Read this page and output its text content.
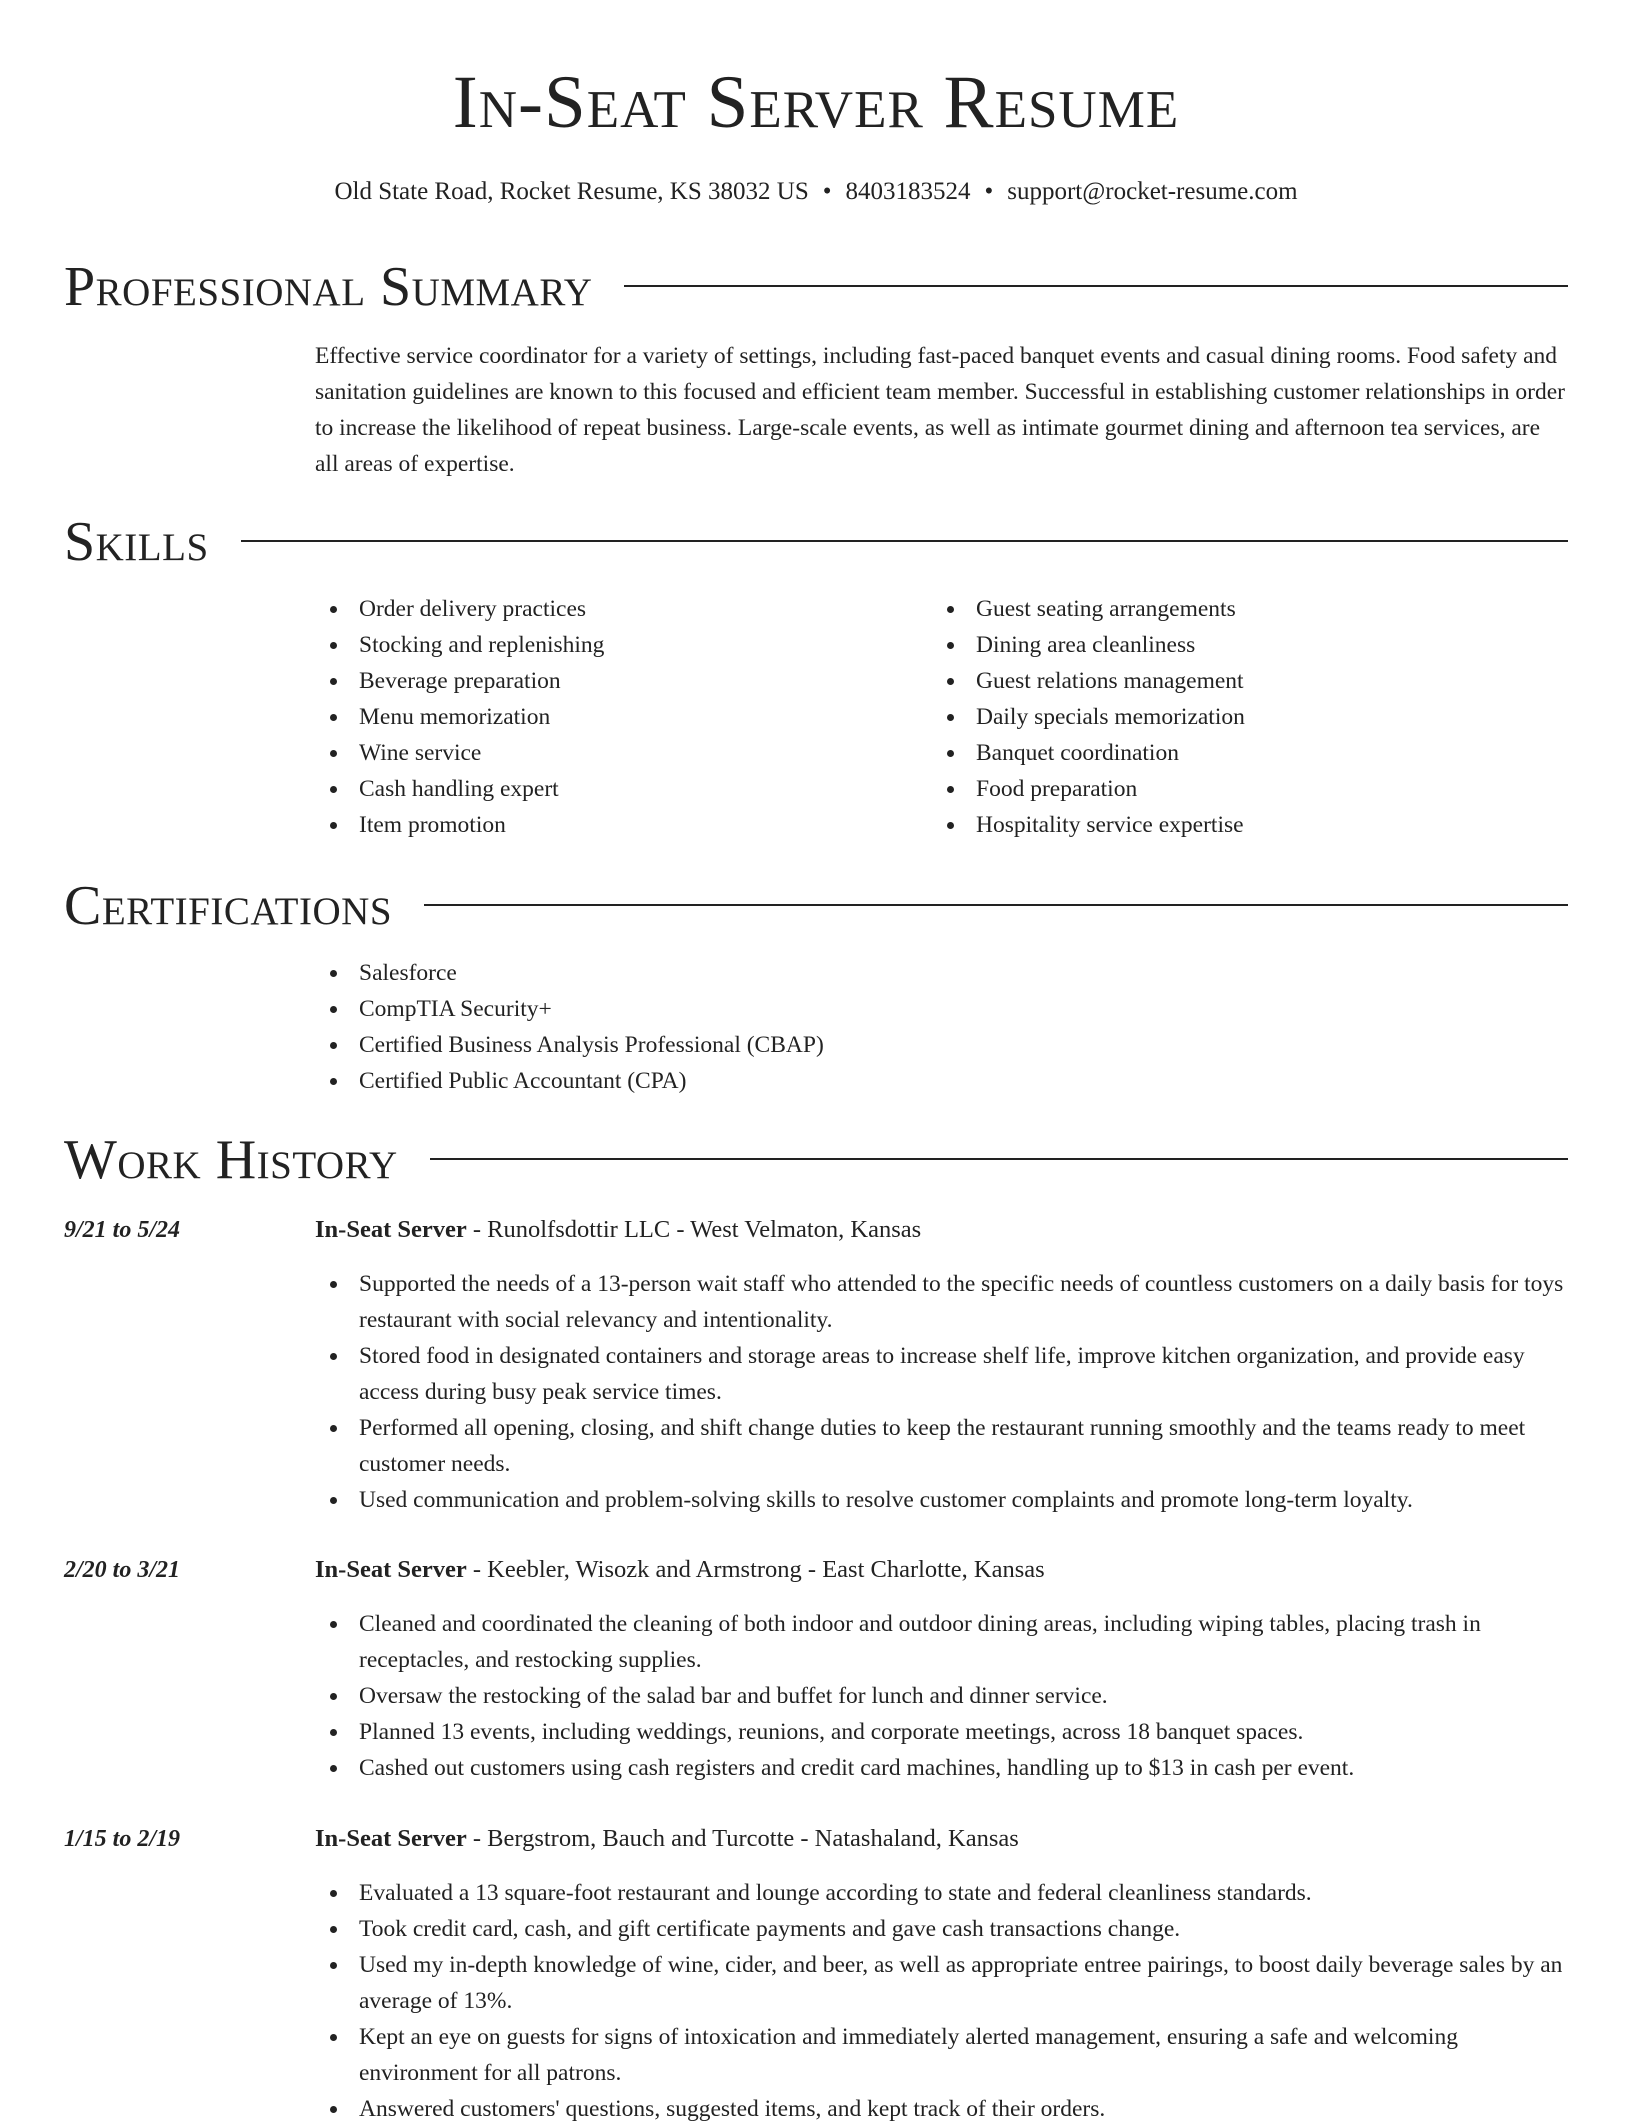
In-Seat Server Resume
Old State Road, Rocket Resume, KS 38032 US • 8403183524 • support@rocket-resume.com
Professional Summary

Effective service coordinator for a variety of settings, including fast-paced banquet events and casual dining rooms. Food safety and sanitation guidelines are known to this focused and efficient team member. Successful in establishing customer relationships in order to increase the likelihood of repeat business. Large-scale events, as well as intimate gourmet dining and afternoon tea services, are all areas of expertise.

Skills
Order delivery practices
Stocking and replenishing
Beverage preparation
Menu memorization
Wine service
Cash handling expert
Item promotion
Guest seating arrangements
Dining area cleanliness
Guest relations management
Daily specials memorization
Banquet coordination
Food preparation
Hospitality service expertise
Certifications
Salesforce
CompTIA Security+
Certified Business Analysis Professional (CBAP)
Certified Public Accountant (CPA)
Work History
9/21 to 5/24	In-Seat Server - Runolfsdottir LLC - West Velmaton, Kansas
Supported the needs of a 13-person wait staff who attended to the specific needs of countless customers on a daily basis for toys restaurant with social relevancy and intentionality.
Stored food in designated containers and storage areas to increase shelf life, improve kitchen organization, and provide easy access during busy peak service times.
Performed all opening, closing, and shift change duties to keep the restaurant running smoothly and the teams ready to meet customer needs.
Used communication and problem-solving skills to resolve customer complaints and promote long-term loyalty.
2/20 to 3/21	In-Seat Server - Keebler, Wisozk and Armstrong - East Charlotte, Kansas
Cleaned and coordinated the cleaning of both indoor and outdoor dining areas, including wiping tables, placing trash in receptacles, and restocking supplies.
Oversaw the restocking of the salad bar and buffet for lunch and dinner service.
Planned 13 events, including weddings, reunions, and corporate meetings, across 18 banquet spaces.
Cashed out customers using cash registers and credit card machines, handling up to $13 in cash per event.
1/15 to 2/19	In-Seat Server - Bergstrom, Bauch and Turcotte - Natashaland, Kansas
Evaluated a 13 square-foot restaurant and lounge according to state and federal cleanliness standards.
Took credit card, cash, and gift certificate payments and gave cash transactions change.
Used my in-depth knowledge of wine, cider, and beer, as well as appropriate entree pairings, to boost daily beverage sales by an average of 13%.
Kept an eye on guests for signs of intoxication and immediately alerted management, ensuring a safe and welcoming environment for all patrons.
Answered customers' questions, suggested items, and kept track of their orders.
